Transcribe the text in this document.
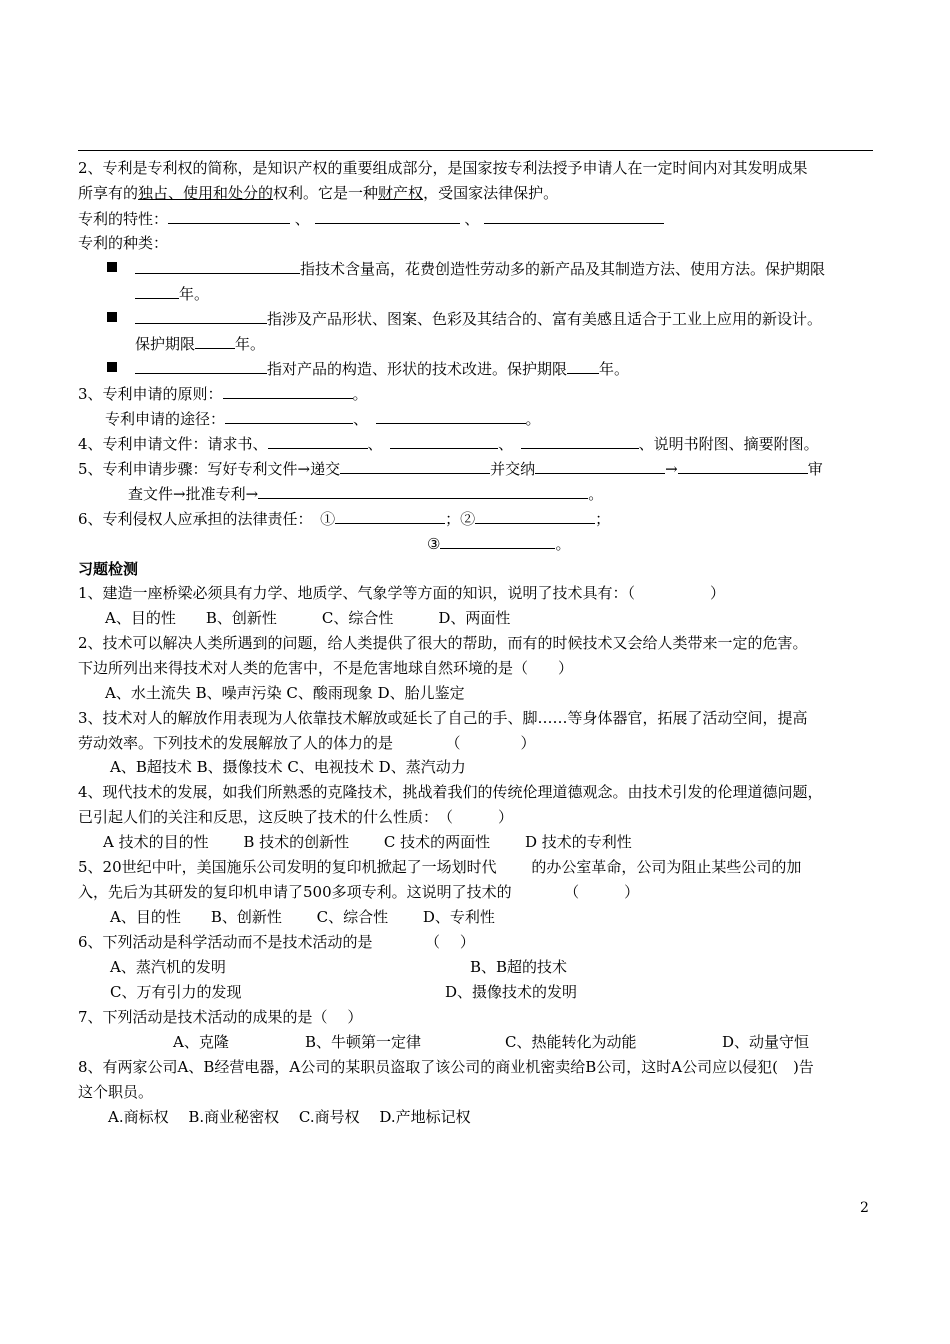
2、专利是专利权的简称，是知识产权的重要组成部分，是国家按专利法授予申请人在一定时间内对其发明成果
所享有的独占、使用和处分的权利。它是一种财产权，受国家法律保护。
专利的特性：	、	、
专利的种类：
指技术含量高，花费创造性劳动多的新产品及其制造方法、使用方法。保护期限
年。
指涉及产品形状、图案、色彩及其结合的、富有美感且适合于工业上应用的新设计。
保护期限	年。
指对产品的构造、形状的技术改进。保护期限 年。
3、专利申请的原则：	。
专利申请的途径：	、　	。
4、专利申请文件：请求书、	、　	、　	、说明书附图、摘要附图。
5、专利申请步骤：写好专利文件→递交	并交纳	→	审
查文件→批准专利→	。
6、专利侵权人应承担的法律责任：　 ①	；②	；
③	。
习题检测
1、建造一座桥梁必须具有力学、地质学、气象学等方面的知识，说明了技术具有：（　　　　　）
A、目的性　　B、创新性　　　C、综合性　　　D、两面性
2、技术可以解决人类所遇到的问题，给人类提供了很大的帮助，而有的时候技术又会给人类带来一定的危害。
下边所列出来得技术对人类的危害中，不是危害地球自然环境的是（　　）
A、水土流失 B、噪声污染 C、酸雨现象 D、胎儿鉴定
3、技术对人的解放作用表现为人依靠技术解放或延长了自己的手、脚……等身体器官，拓展了活动空间，提高
劳动效率。下列技术的发展解放了人的体力的是　　　　（　　　　）
A、B超技术 B、摄像技术 C、电视技术 D、蒸汽动力
4、现代技术的发展，如我们所熟悉的克隆技术，挑战着我们的传统伦理道德观念。由技术引发的伦理道德问题，
已引起人们的关注和反思，这反映了技术的什么性质：　（　　　）
A 技术的目的性　　 B 技术的创新性　　 C 技术的两面性　　 D 技术的专利性
5、20世纪中叶，美国施乐公司发明的复印机掀起了一场划时代　　 的办公室革命，公司为阻止某些公司的加
入，先后为其研发的复印机申请了500多项专利。这说明了技术的　　　　（　　　）
A、目的性　　B、创新性　　 C、综合性　　 D、专利性
6、下列活动是科学活动而不是技术活动的是　　　　（　 ）
A、蒸汽机的发明	B、B超的技术
C、万有引力的发现	D、摄像技术的发明
7、下列活动是技术活动的成果的是（　 ）
A、克隆	B、牛顿第一定律	C、热能转化为动能	D、动量守恒
8、有两家公司A、B经营电器，A公司的某职员盗取了该公司的商业机密卖给B公司，这时A公司应以侵犯(　)告
这个职员。
A.商标权　 B.商业秘密权　 C.商号权　 D.产地标记权
2
